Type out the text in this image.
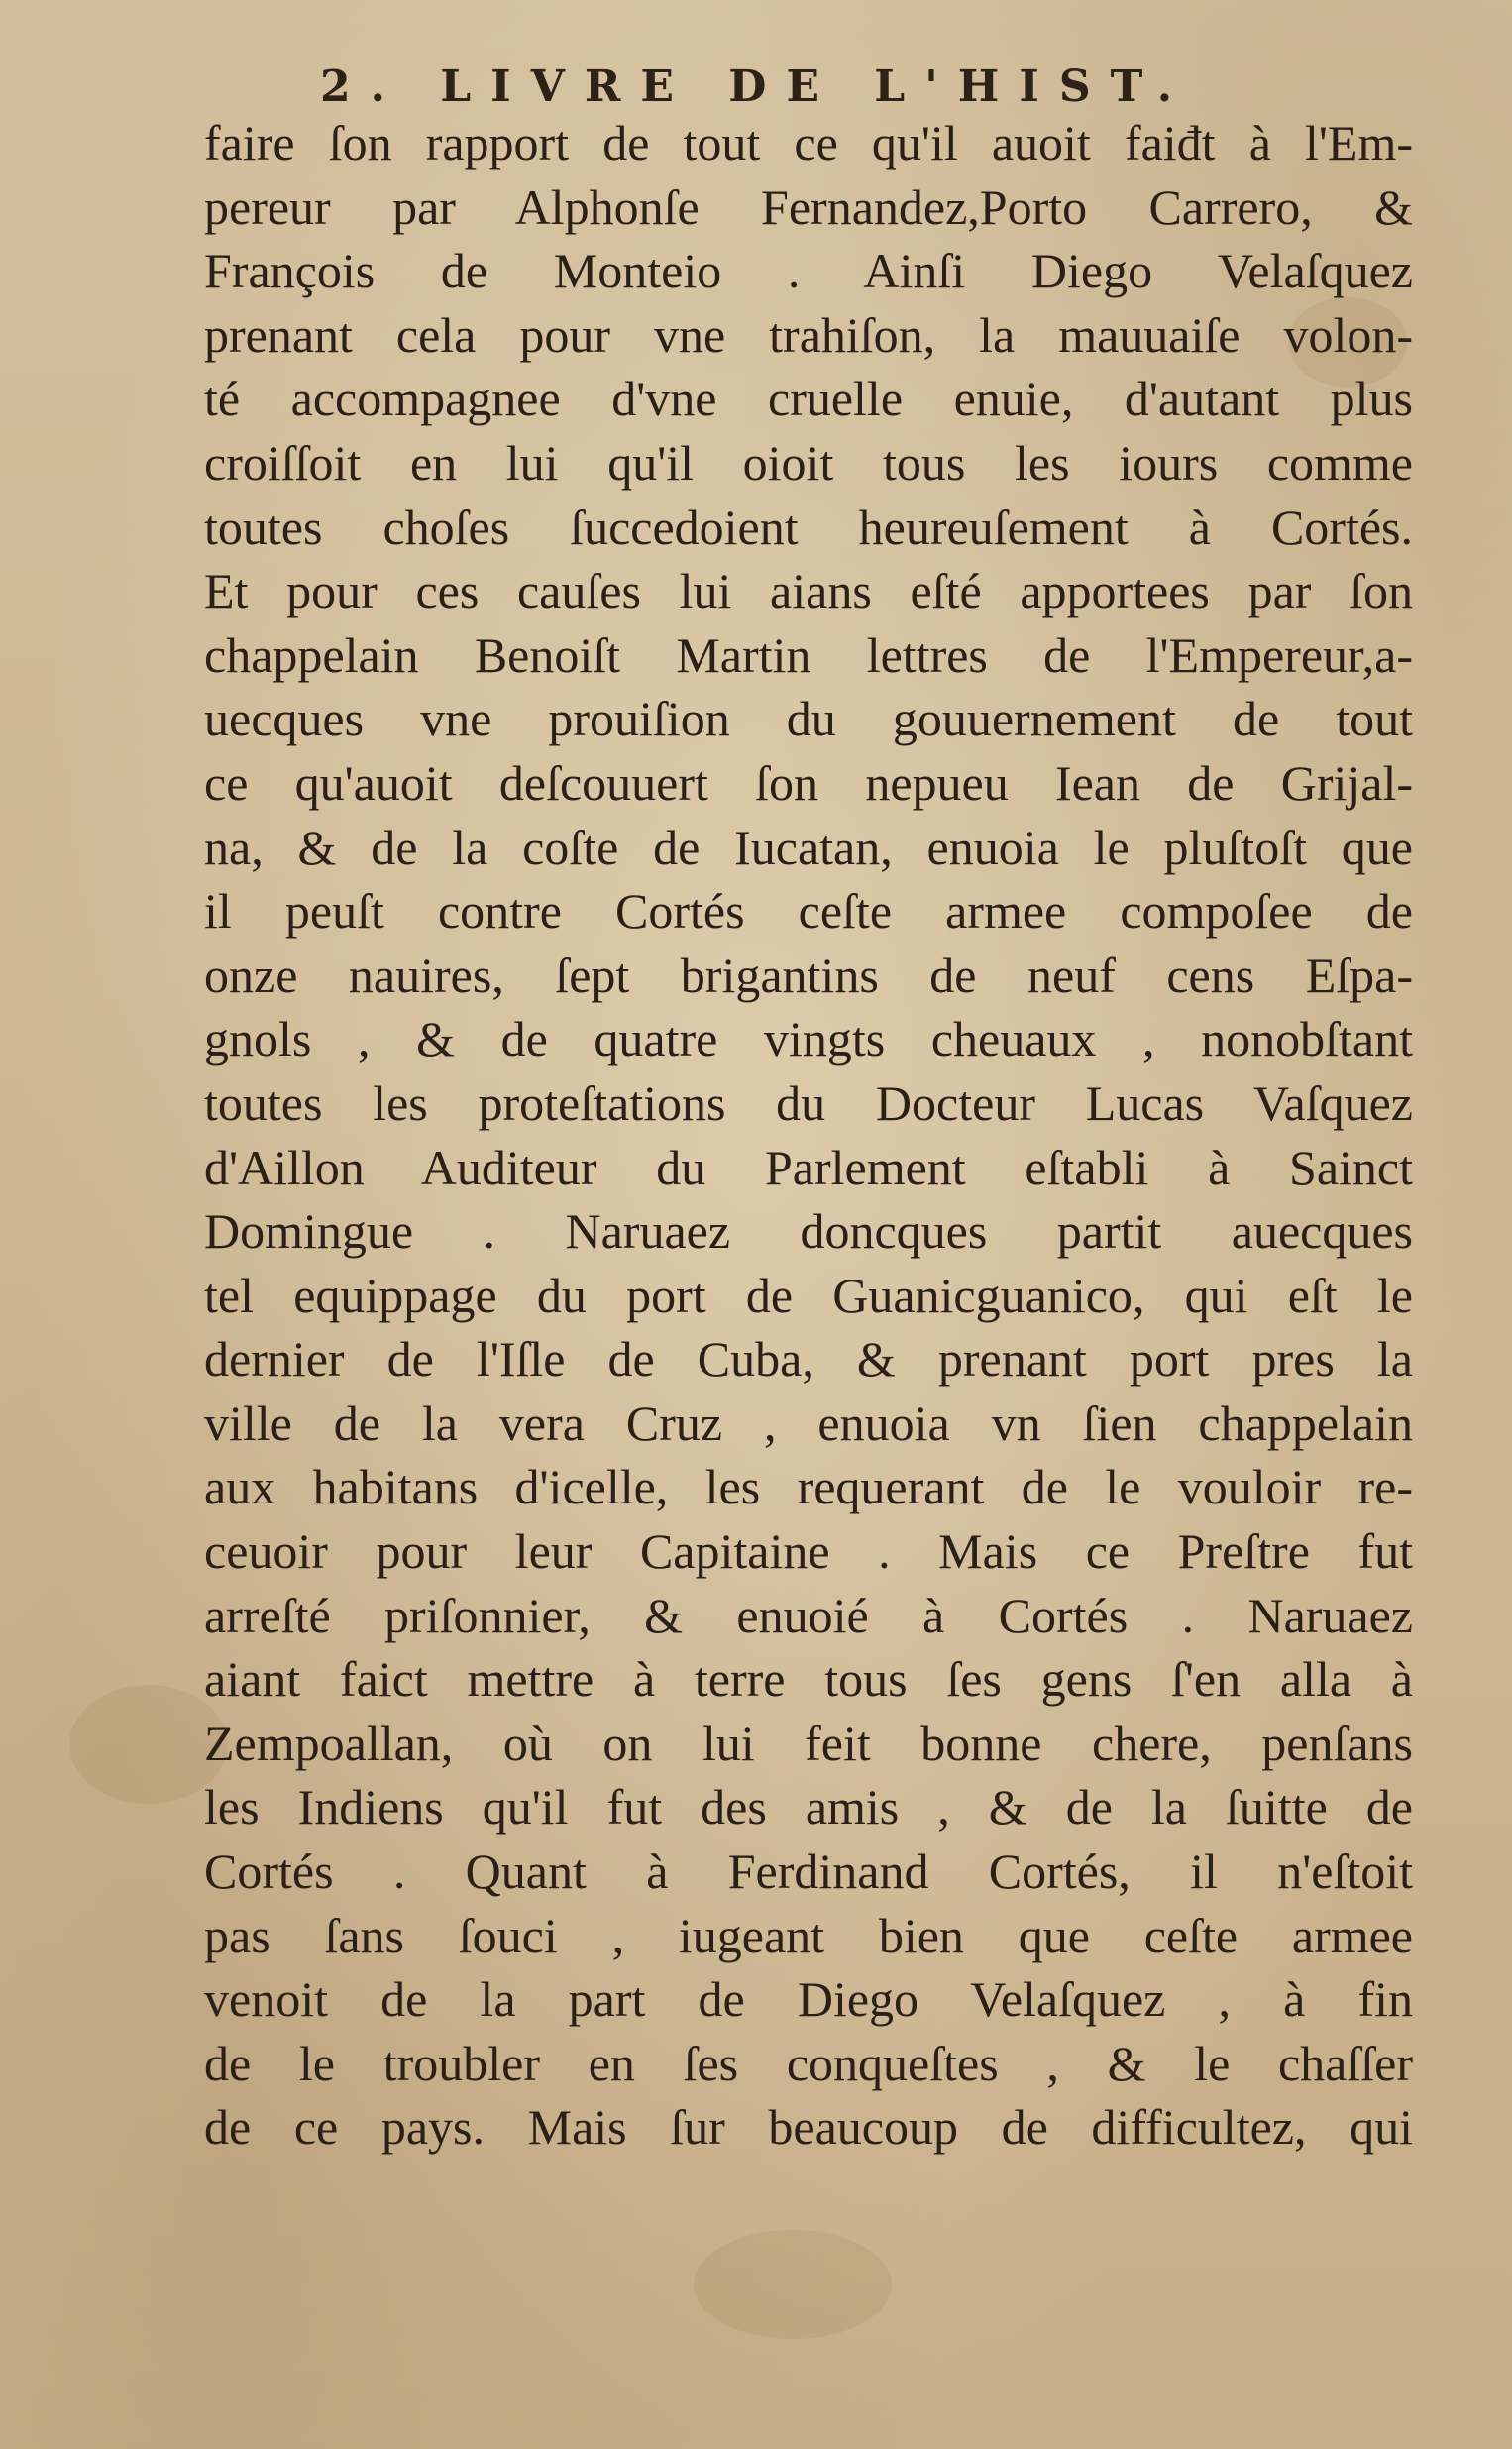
2. LIVRE DE L'HIST.
faire ſon rapport de tout ce qu'il auoit faiđt à l'Em-
pereur par Alphonſe Fernandez,Porto Carrero, &
François de Monteio . Ainſi Diego Velaſquez
prenant cela pour vne trahiſon, la mauuaiſe volon-
té accompagnee d'vne cruelle enuie, d'autant plus
croiſſoit en lui qu'il oioit tous les iours comme
toutes choſes ſuccedoient heureuſement à Cortés.
Et pour ces cauſes lui aians eſté apportees par ſon
chappelain Benoiſt Martin lettres de l'Empereur,a-
uecques vne prouiſion du gouuernement de tout
ce qu'auoit deſcouuert ſon nepueu Iean de Grijal-
na, & de la coſte de Iucatan, enuoia le pluſtoſt que
il peuſt contre Cortés ceſte armee compoſee de
onze nauires, ſept brigantins de neuf cens Eſpa-
gnols , & de quatre vingts cheuaux , nonobſtant
toutes les proteſtations du Docteur Lucas Vaſquez
d'Aillon Auditeur du Parlement eſtabli à Sainct
Domingue . Naruaez doncques partit auecques
tel equippage du port de Guanicguanico, qui eſt le
dernier de l'Iſle de Cuba, & prenant port pres la
ville de la vera Cruz , enuoia vn ſien chappelain
aux habitans d'icelle, les requerant de le vouloir re-
ceuoir pour leur Capitaine . Mais ce Preſtre fut
arreſté priſonnier, & enuoié à Cortés . Naruaez
aiant faict mettre à terre tous ſes gens ſ'en alla à
Zempoallan, où on lui feit bonne chere, penſans
les Indiens qu'il fut des amis , & de la ſuitte de
Cortés . Quant à Ferdinand Cortés, il n'eſtoit
pas ſans ſouci , iugeant bien que ceſte armee
venoit de la part de Diego Velaſquez , à fin
de le troubler en ſes conqueſtes , & le chaſſer
de ce pays. Mais ſur beaucoup de difficultez, qui
